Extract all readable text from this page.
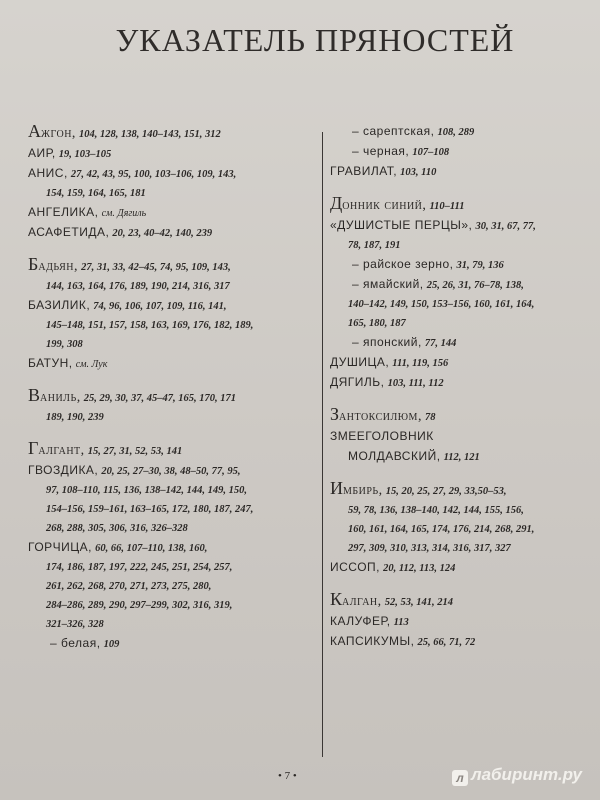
УКАЗАТЕЛЬ ПРЯНОСТЕЙ
Ажгон, 104, 128, 138, 140–143, 151, 312
АИР, 19, 103–105
АНИС, 27, 42, 43, 95, 100, 103–106, 109, 143,
154, 159, 164, 165, 181
АНГЕЛИКА, см. Дягиль
АСАФЕТИДА, 20, 23, 40–42, 140, 239
Бадьян, 27, 31, 33, 42–45, 74, 95, 109, 143,
144, 163, 164, 176, 189, 190, 214, 316, 317
БАЗИЛИК, 74, 96, 106, 107, 109, 116, 141,
145–148, 151, 157, 158, 163, 169, 176, 182, 189,
199, 308
БАТУН, см. Лук
Ваниль, 25, 29, 30, 37, 45–47, 165, 170, 171
189, 190, 239
Галгант, 15, 27, 31, 52, 53, 141
ГВОЗДИКА, 20, 25, 27–30, 38, 48–50, 77, 95,
97, 108–110, 115, 136, 138–142, 144, 149, 150,
154–156, 159–161, 163–165, 172, 180, 187, 247,
268, 288, 305, 306, 316, 326–328
ГОРЧИЦА, 60, 66, 107–110, 138, 160,
174, 186, 187, 197, 222, 245, 251, 254, 257,
261, 262, 268, 270, 271, 273, 275, 280,
284–286, 289, 290, 297–299, 302, 316, 319,
321–326, 328
– белая, 109
– сарептская, 108, 289
– черная, 107–108
ГРАВИЛАТ, 103, 110
Донник синий, 110–111
«ДУШИСТЫЕ ПЕРЦЫ», 30, 31, 67, 77,
78, 187, 191
– райское зерно, 31, 79, 136
– ямайский, 25, 26, 31, 76–78, 138,
140–142, 149, 150, 153–156, 160, 161, 164,
165, 180, 187
– японский, 77, 144
ДУШИЦА, 111, 119, 156
ДЯГИЛЬ, 103, 111, 112
Зантоксилюм, 78
ЗМЕЕГОЛОВНИК
МОЛДАВСКИЙ, 112, 121
Имбирь, 15, 20, 25, 27, 29, 33,50–53,
59, 78, 136, 138–140, 142, 144, 155, 156,
160, 161, 164, 165, 174, 176, 214, 268, 291,
297, 309, 310, 313, 314, 316, 317, 327
ИССОП, 20, 112, 113, 124
Калган, 52, 53, 141, 214
КАЛУФЕР, 113
КАПСИКУМЫ, 25, 66, 71, 72
• 7 •	л лабиринт.ру
